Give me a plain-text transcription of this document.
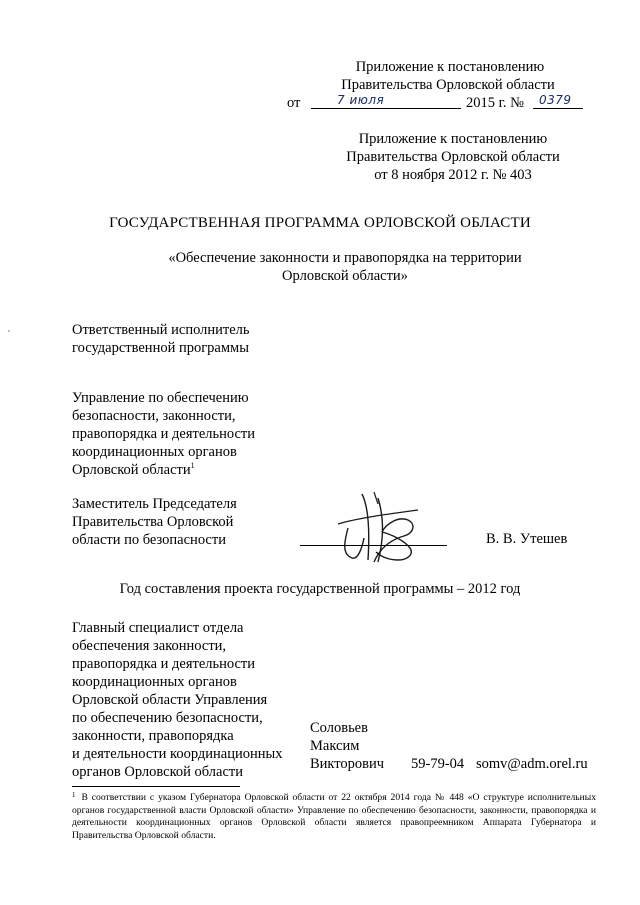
Приложение к постановлению
Правительства Орловской области
от	7 июля	2015 г. № 0379
Приложение к постановлению
Правительства Орловской области
от 8 ноября 2012 г. № 403
ГОСУДАРСТВЕННАЯ ПРОГРАММА ОРЛОВСКОЙ ОБЛАСТИ
«Обеспечение законности и правопорядка на территории
Орловской области»
Ответственный исполнитель
государственной программы
Управление по обеспечению
безопасности, законности,
правопорядка и деятельности
координационных органов
Орловской области$^1$
Заместитель Председателя
Правительства Орловской
области по безопасности	В. В. Утешев
Год составления проекта государственной программы – 2012 год
Главный специалист отдела
обеспечения законности,
правопорядка и деятельности
координационных органов
Орловской области Управления
по обеспечению безопасности,
законности, правопорядка
и деятельности координационных
органов Орловской области
Соловьев
Максим
Викторович 59-79-04 somv@adm.orel.ru
$^1$ В соответствии с указом Губернатора Орловской области от 22 октября 2014 года № 448 «О структуре исполнительных органов государственной власти Орловской области» Управление по обеспечению безопасности, законности, правопорядка и деятельности координационных органов Орловской области является правопреемником Аппарата Губернатора и Правительства Орловской области.
